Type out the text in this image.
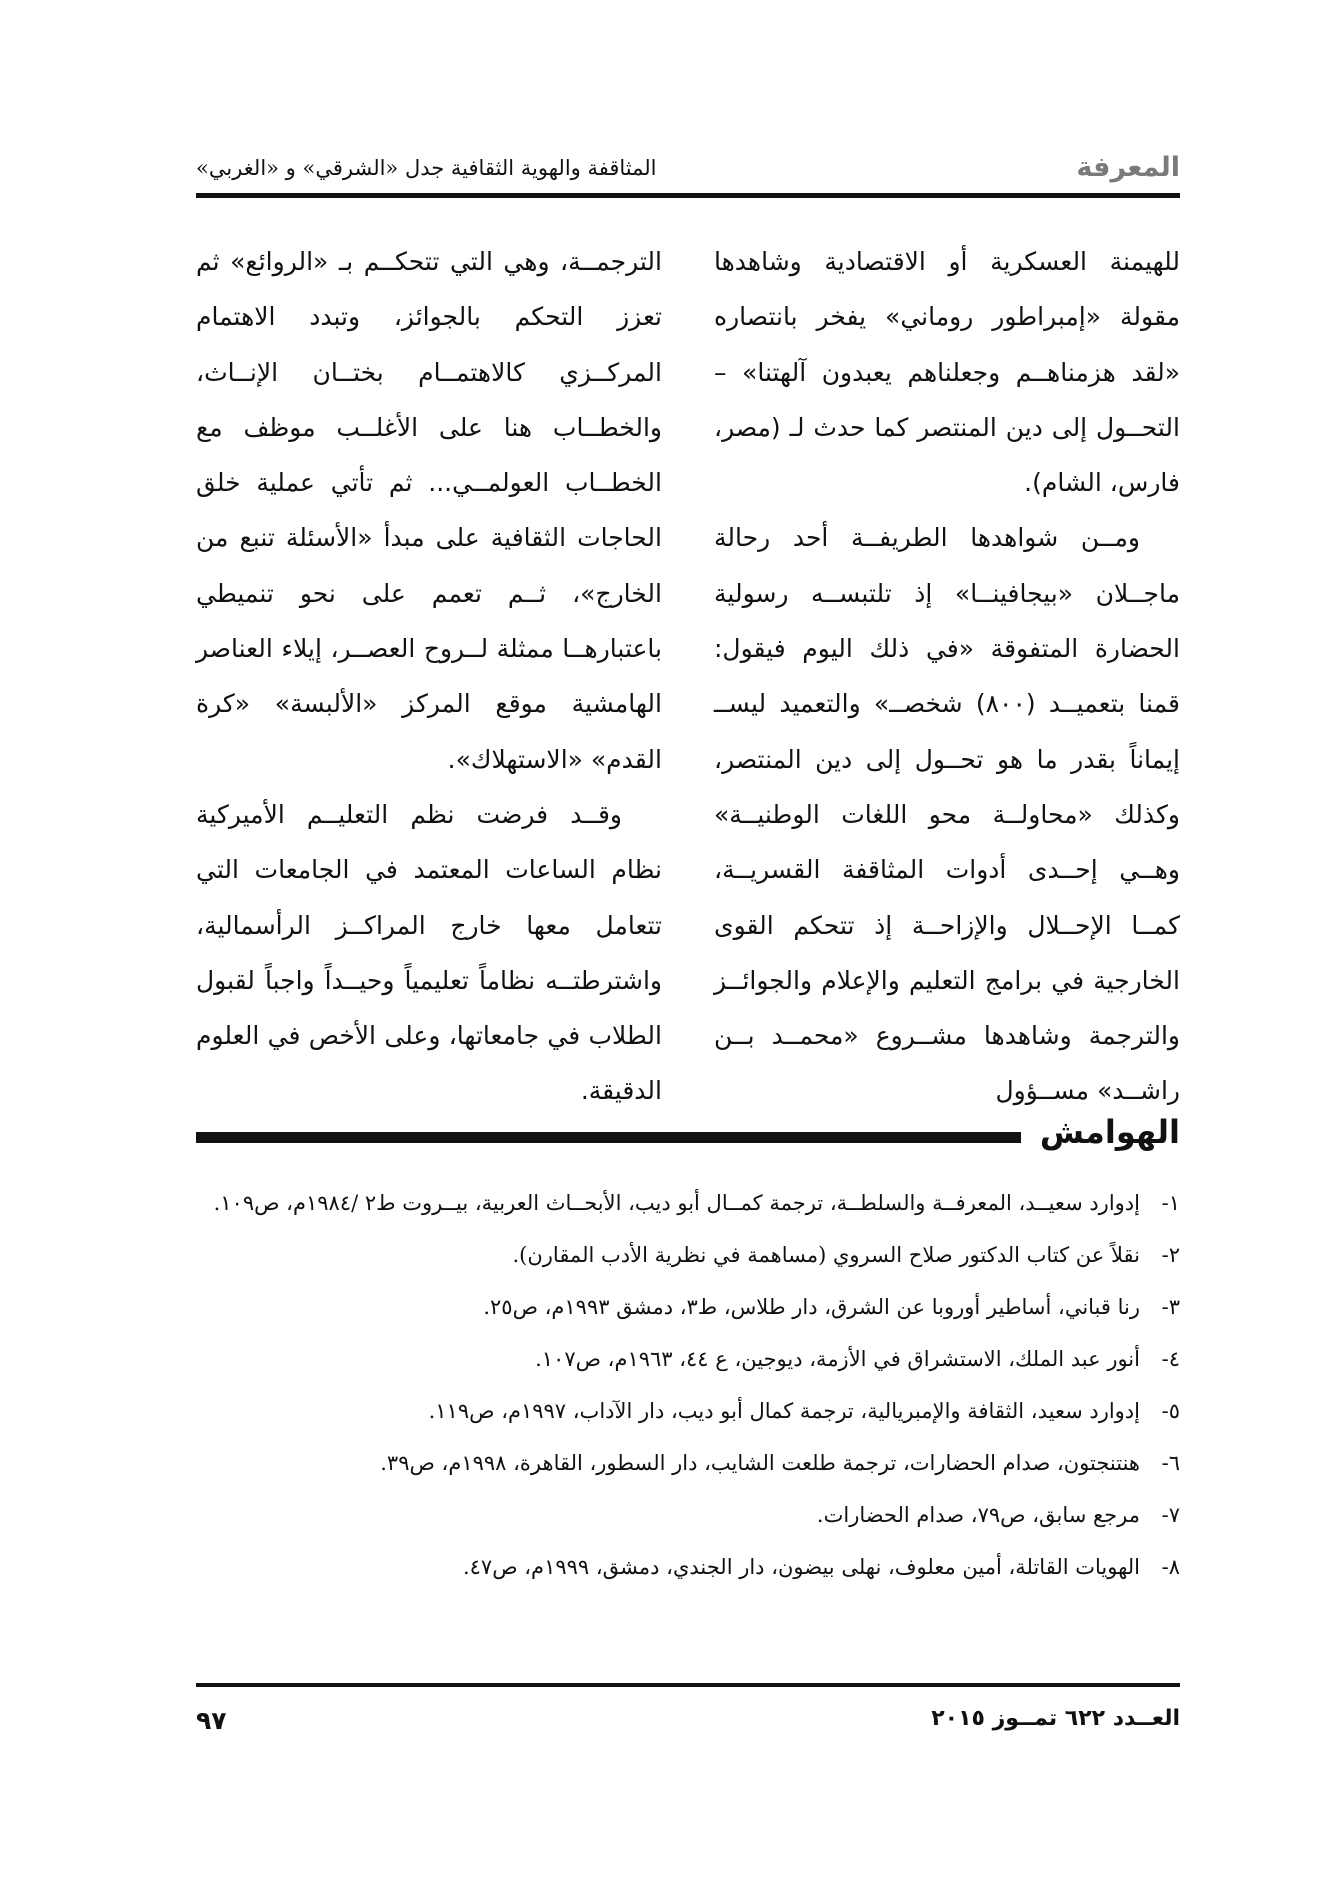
المعرفة
المثاقفة والهوية الثقافية جدل «الشرقي» و «الغربي»

للهيمنة العسكرية أو الاقتصادية وشاهدها مقولة «إمبراطور روماني» يفخر بانتصاره «لقد هزمناهــم وجعلناهم يعبدون آلهتنا» – التحــول إلى دين المنتصر كما حدث لـ (مصر، فارس، الشام).

ومــن شواهدها الطريفــة أحد رحالة ماجــلان «بيجافينــا» إذ تلتبســه رسولية الحضارة المتفوقة «في ذلك اليوم فيقول: قمنا بتعميــد (٨٠٠) شخصــ» والتعميد ليســ إيماناً بقدر ما هو تحــول إلى دين المنتصر، وكذلك «محاولــة محو اللغات الوطنيــة» وهــي إحــدى أدوات المثاقفة القسريــة، كمــا الإحــلال والإزاحــة إذ تتحكم القوى الخارجية في برامج التعليم والإعلام والجوائــز والترجمة وشاهدها مشــروع «محمــد بــن راشــد» مســؤول

الترجمــة، وهي التي تتحكــم بـ «الروائع» ثم تعزز التحكم بالجوائز، وتبدد الاهتمام المركــزي كالاهتمــام بختــان الإنــاث، والخطــاب هنا على الأغلــب موظف مع الخطــاب العولمــي... ثم تأتي عملية خلق الحاجات الثقافية على مبدأ «الأسئلة تنبع من الخارج»، ثــم تعمم على نحو تنميطي باعتبارهــا ممثلة لــروح العصــر، إيلاء العناصر الهامشية موقع المركز «الألبسة» «كرة القدم» «الاستهلاك».

وقــد فرضت نظم التعليــم الأميركية نظام الساعات المعتمد في الجامعات التي تتعامل معها خارج المراكــز الرأسمالية، واشترطتــه نظاماً تعليمياً وحيــداً واجباً لقبول الطلاب في جامعاتها، وعلى الأخص في العلوم الدقيقة.

الهوامش
١-
إدوارد سعيــد، المعرفــة والسلطــة، ترجمة كمــال أبو ديب، الأبحــاث العربية، بيــروت ط٢ /١٩٨٤م، ص١٠٩.
٢-
نقلاً عن كتاب الدكتور صلاح السروي (مساهمة في نظرية الأدب المقارن).
٣-
رنا قباني، أساطير أوروبا عن الشرق، دار طلاس، ط٣، دمشق ١٩٩٣م، ص٢٥.
٤-
أنور عبد الملك، الاستشراق في الأزمة، ديوجين، ع ٤٤، ١٩٦٣م، ص١٠٧.
٥-
إدوارد سعيد، الثقافة والإمبريالية، ترجمة كمال أبو ديب، دار الآداب، ١٩٩٧م، ص١١٩.
٦-
هنتنجتون، صدام الحضارات، ترجمة طلعت الشايب، دار السطور، القاهرة، ١٩٩٨م، ص٣٩.
٧-
مرجع سابق، ص٧٩، صدام الحضارات.
٨-
الهويات القاتلة، أمين معلوف، نهلى بيضون، دار الجندي، دمشق، ١٩٩٩م، ص٤٧.
العــدد ٦٢٢ تمــوز ٢٠١٥
٩٧
